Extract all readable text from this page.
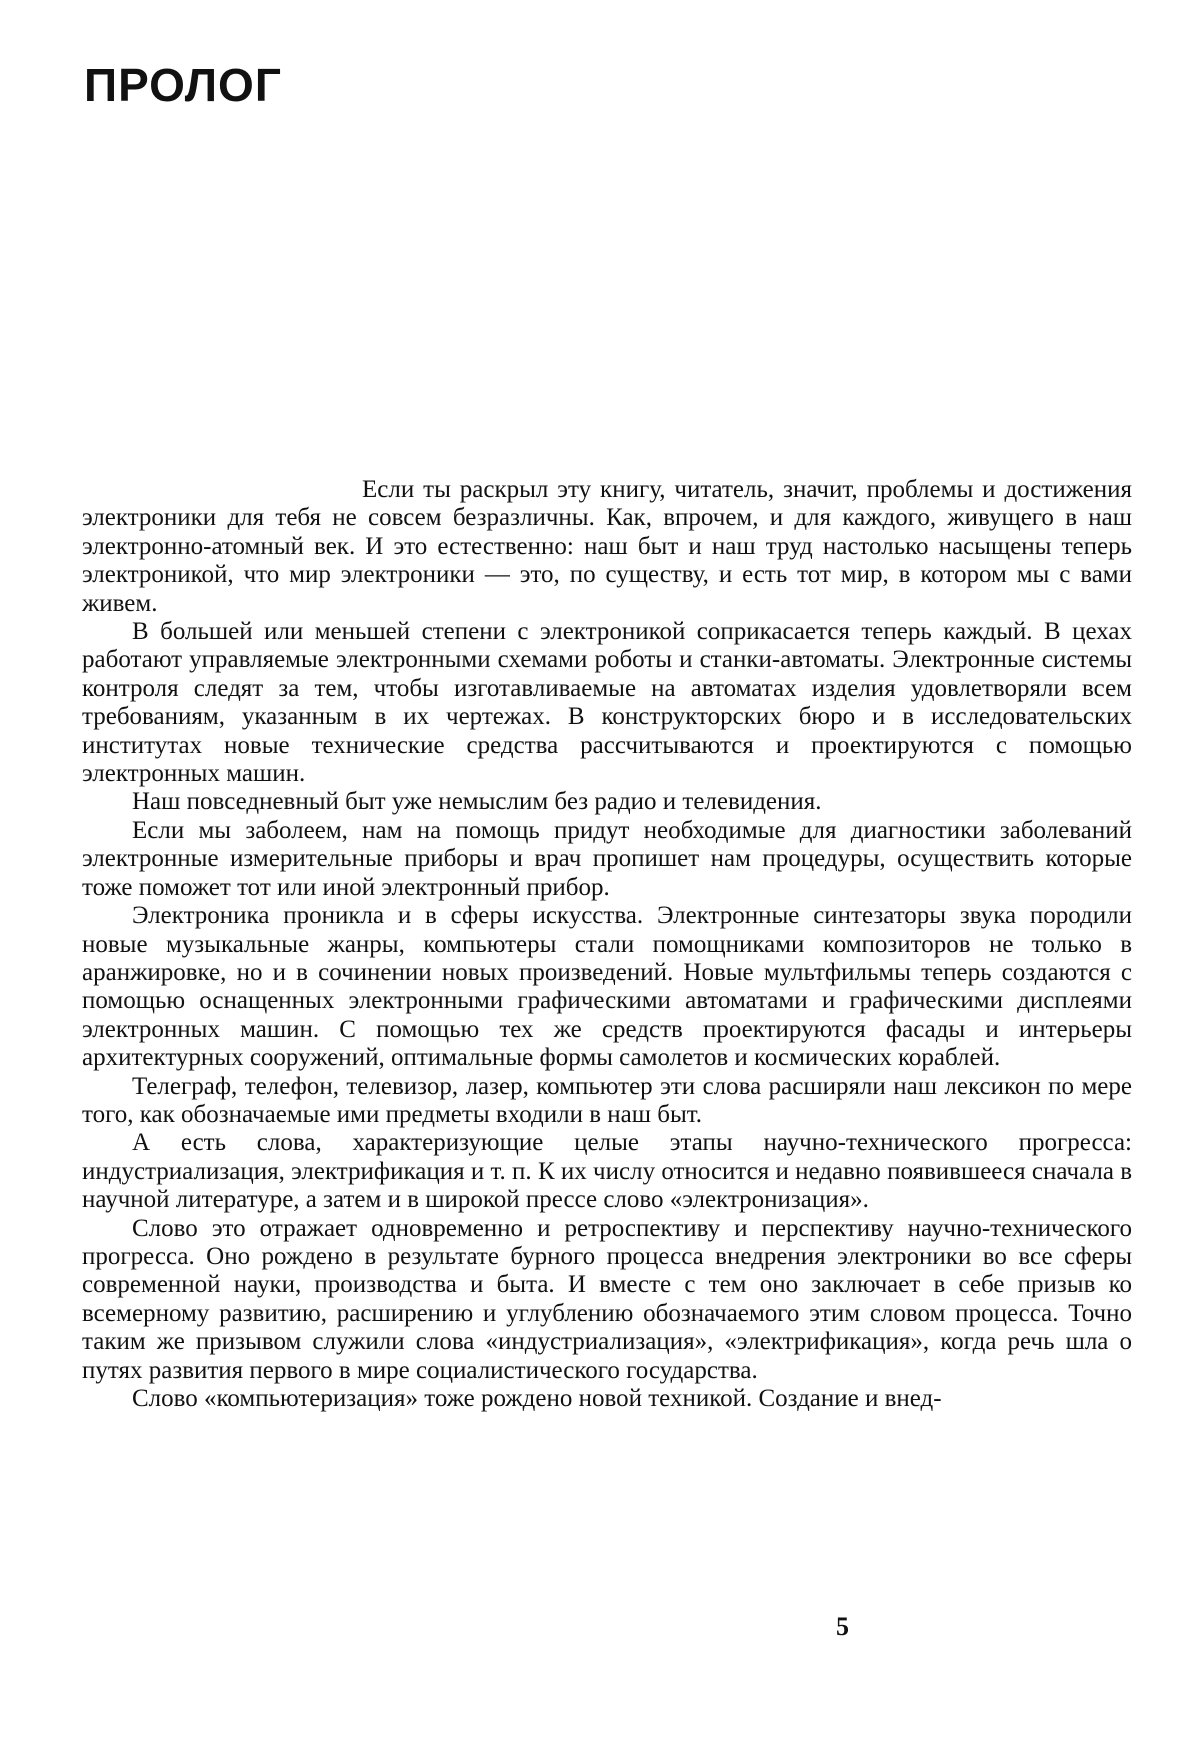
ПРОЛОГ

Если ты раскрыл эту книгу, читатель, значит, проблемы и достижения электроники для тебя не совсем безразличны. Как, впрочем, и для каждого, живущего в наш электронно-атомный век. И это естественно: наш быт и наш труд настолько насыщены теперь электроникой, что мир электроники — это, по существу, и есть тот мир, в котором мы с вами живем.

В большей или меньшей степени с электроникой соприкасается теперь каждый. В цехах работают управляемые электронными схемами роботы и станки-автоматы. Электронные системы контроля следят за тем, чтобы изготавливаемые на автоматах изделия удовлетворяли всем требованиям, указанным в их чертежах. В конструкторских бюро и в исследовательских институтах новые технические средства рассчитываются и проектируются с помощью электронных машин.

Наш повседневный быт уже немыслим без радио и телевидения.

Если мы заболеем, нам на помощь придут необходимые для диагностики заболеваний электронные измерительные приборы и врач пропишет нам процедуры, осуществить которые тоже поможет тот или иной электронный прибор.

Электроника проникла и в сферы искусства. Электронные синтезаторы звука породили новые музыкальные жанры, компьютеры стали помощниками композиторов не только в аранжировке, но и в сочинении новых произведений. Новые мультфильмы теперь создаются с помощью оснащенных электронными графическими автоматами и графическими дисплеями электронных машин. С помощью тех же средств проектируются фасады и интерьеры архитектурных сооружений, оптимальные формы самолетов и космических кораблей.

Телеграф, телефон, телевизор, лазер, компьютер эти слова расширяли наш лексикон по мере того, как обозначаемые ими предметы входили в наш быт.

А есть слова, характеризующие целые этапы научно-технического прогресса: индустриализация, электрификация и т. п. К их числу относится и недавно появившееся сначала в научной литературе, а затем и в широкой прессе слово «электронизация».

Слово это отражает одновременно и ретроспективу и перспективу научно-технического прогресса. Оно рождено в результате бурного процесса внедрения электроники во все сферы современной науки, производства и быта. И вместе с тем оно заключает в себе призыв ко всемерному развитию, расширению и углублению обозначаемого этим словом процесса. Точно таким же призывом служили слова «индустриализация», «электрификация», когда речь шла о путях развития первого в мире социалистического государства.

Слово «компьютеризация» тоже рождено новой техникой. Создание и внед-

5
